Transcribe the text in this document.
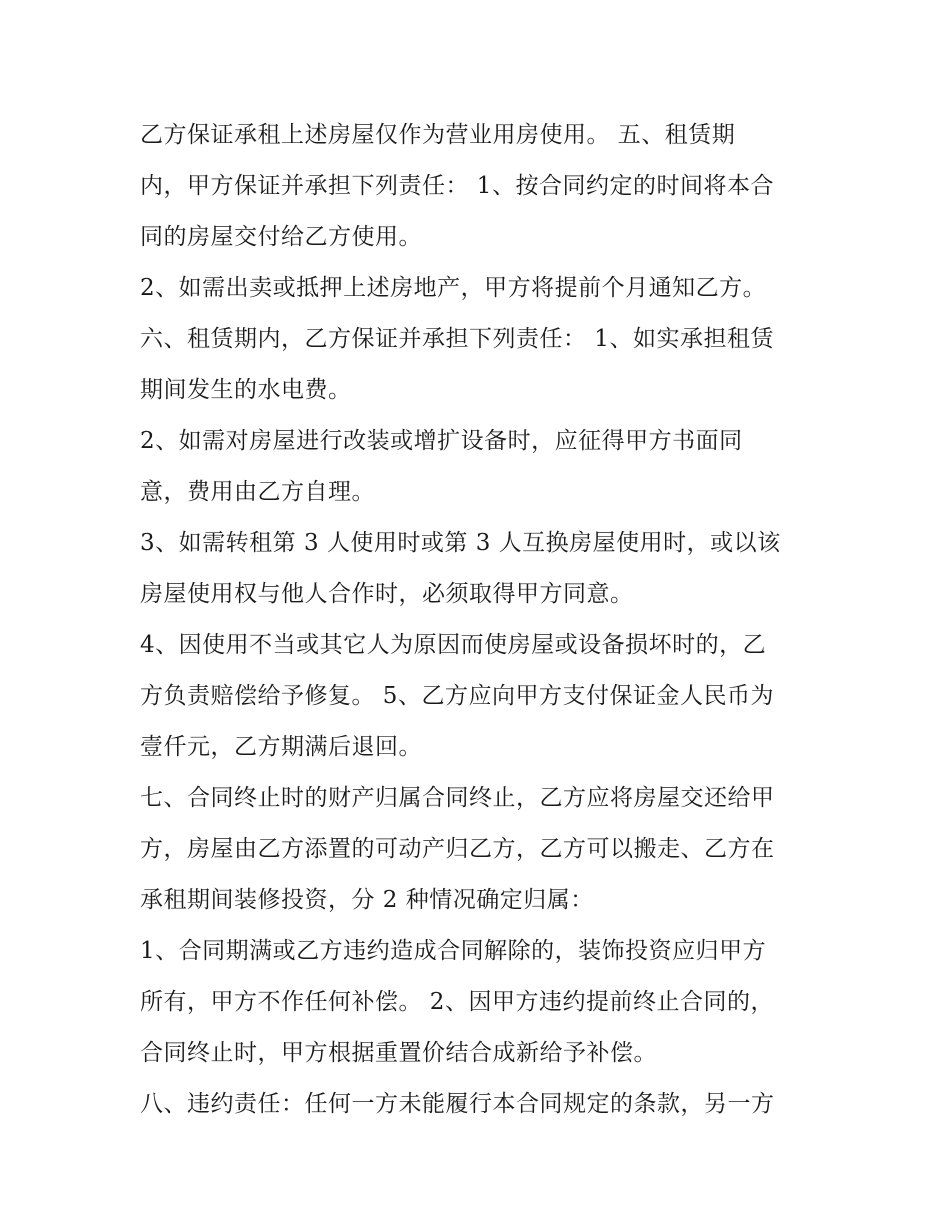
乙方保证承租上述房屋仅作为营业用房使用。 五、租赁期
内，甲方保证并承担下列责任： 1、按合同约定的时间将本合
同的房屋交付给乙方使用。
2、如需出卖或抵押上述房地产，甲方将提前个月通知乙方。
六、租赁期内，乙方保证并承担下列责任： 1、如实承担租赁
期间发生的水电费。
2、如需对房屋进行改装或增扩设备时，应征得甲方书面同
意，费用由乙方自理。
3、如需转租第 3 人使用时或第 3 人互换房屋使用时，或以该
房屋使用权与他人合作时，必须取得甲方同意。
4、因使用不当或其它人为原因而使房屋或设备损坏时的，乙
方负责赔偿给予修复。 5、乙方应向甲方支付保证金人民币为
壹仟元，乙方期满后退回。
七、合同终止时的财产归属合同终止，乙方应将房屋交还给甲
方，房屋由乙方添置的可动产归乙方，乙方可以搬走、乙方在
承租期间装修投资，分 2 种情况确定归属：
1、合同期满或乙方违约造成合同解除的，装饰投资应归甲方
所有，甲方不作任何补偿。 2、因甲方违约提前终止合同的，
合同终止时，甲方根据重置价结合成新给予补偿。
八、违约责任：任何一方未能履行本合同规定的条款，另一方
